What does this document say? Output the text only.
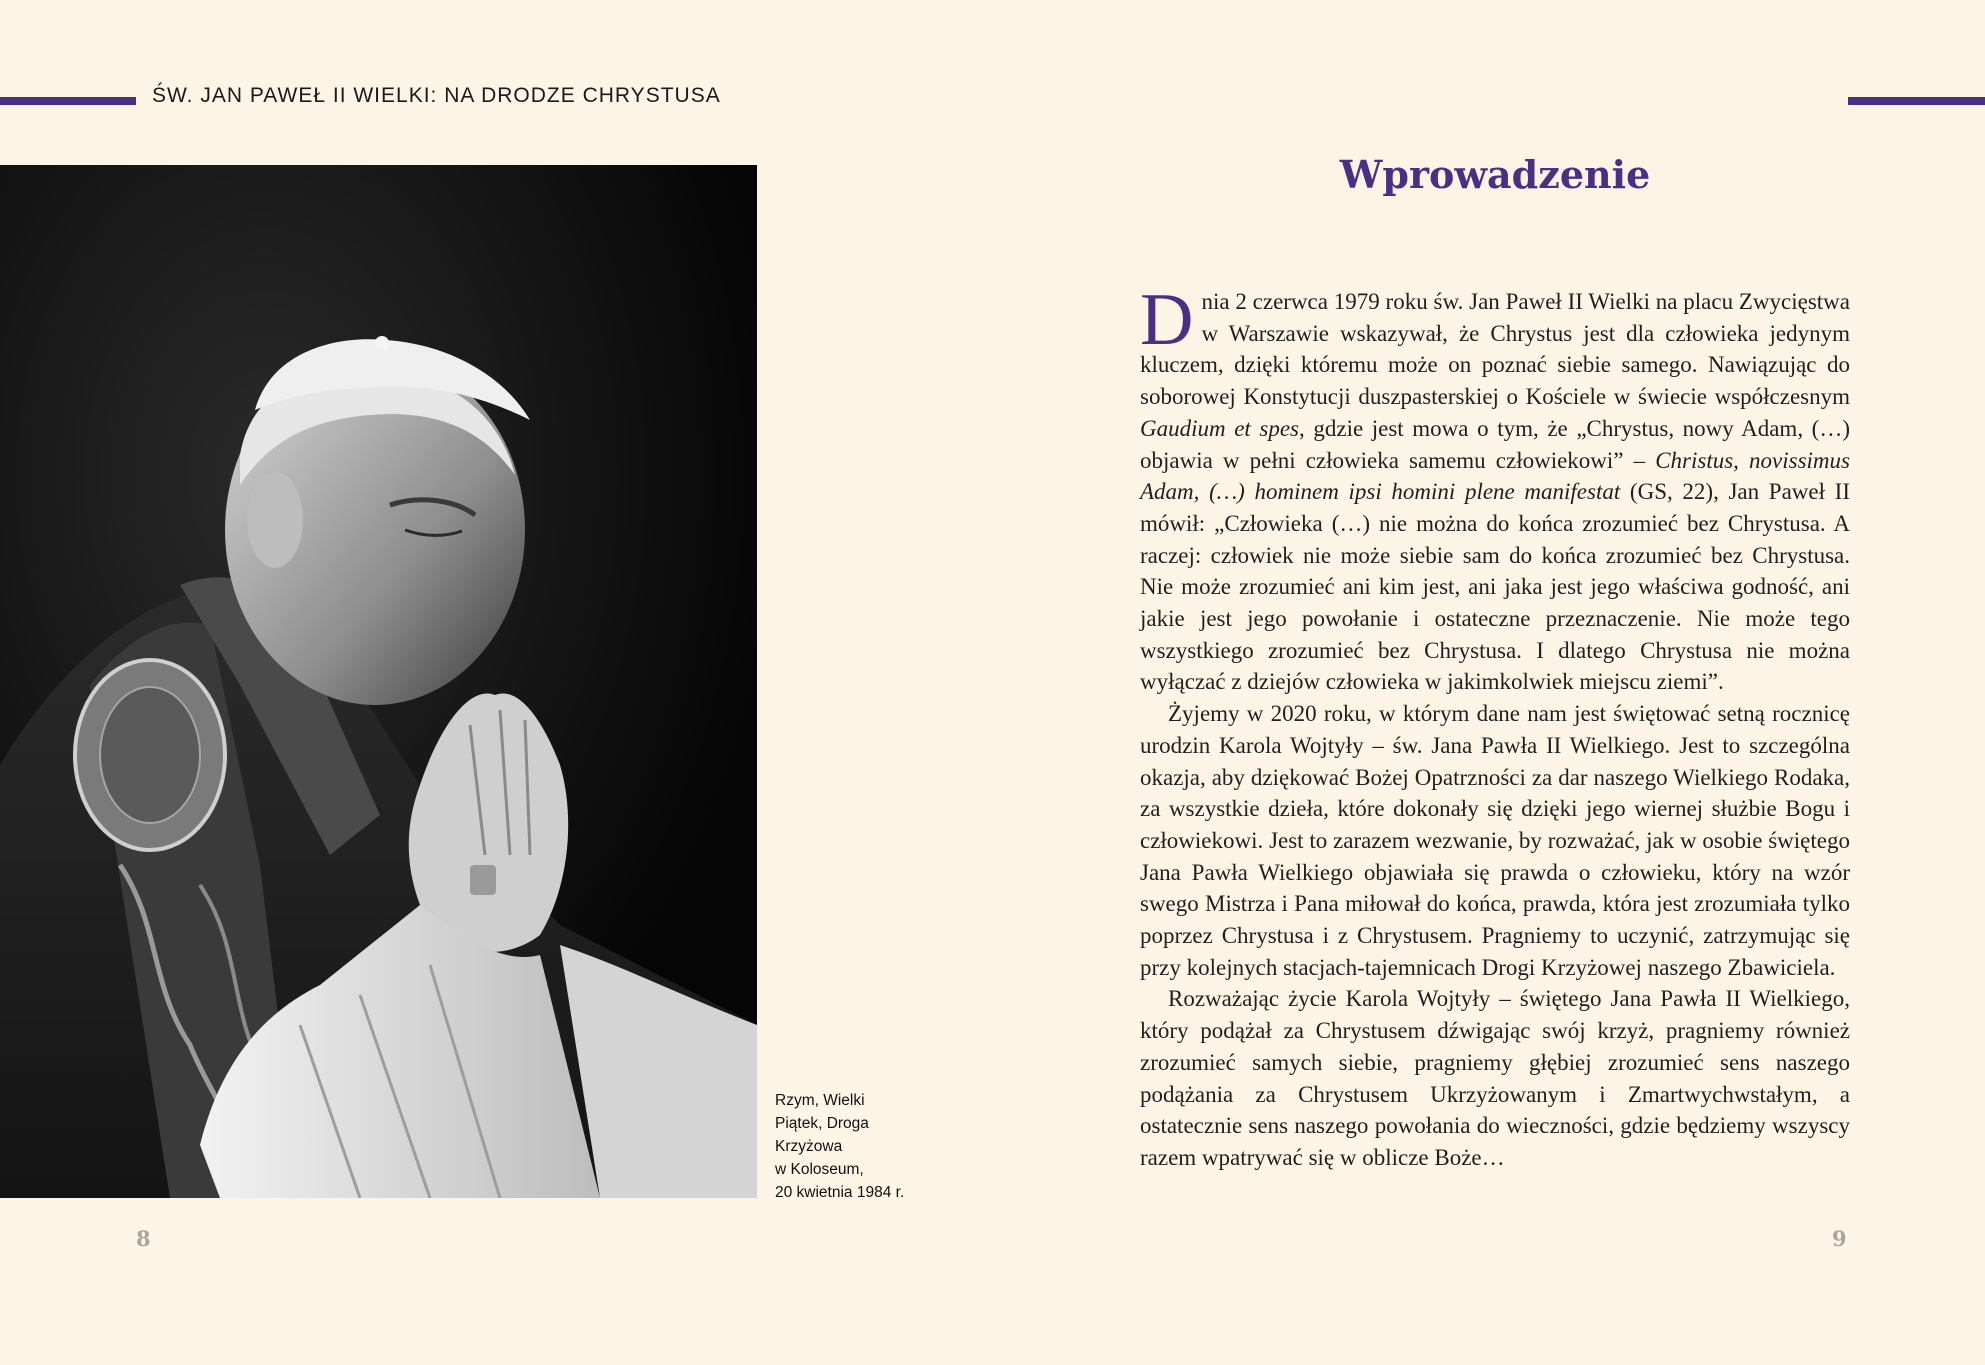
ŚW. JAN PAWEŁ II WIELKI: NA DRODZE CHRYSTUSA
Rzym, Wielki
Piątek, Droga
Krzyżowa
w Koloseum,
20 kwietnia 1984 r.
8
Wprowadzenie

Dnia 2 czerwca 1979 roku św. Jan Paweł II Wielki na placu Zwycięstwa w Warszawie wskazywał, że Chrystus jest dla człowieka jedynym kluczem, dzięki któremu może on poznać siebie samego. Nawiązując do soborowej Konstytucji duszpasterskiej o Kościele w świecie współczesnym Gaudium et spes, gdzie jest mowa o tym, że „Chrystus, nowy Adam, (…) objawia w pełni człowieka samemu człowiekowi” – Christus, novissimus Adam, (…) hominem ipsi homini plene manifestat (GS, 22), Jan Paweł II mówił: „Człowieka (…) nie można do końca zrozumieć bez Chrystusa. A raczej: człowiek nie może siebie sam do końca zrozumieć bez Chrystusa. Nie może zrozumieć ani kim jest, ani jaka jest jego właściwa godność, ani jakie jest jego powołanie i ostateczne przeznaczenie. Nie może tego wszystkiego zrozumieć bez Chrystusa. I dlatego Chrystusa nie można wyłączać z dziejów człowieka w jakimkolwiek miejscu ziemi”.

Żyjemy w 2020 roku, w którym dane nam jest świętować setną rocznicę urodzin Karola Wojtyły – św. Jana Pawła II Wielkiego. Jest to szczególna okazja, aby dziękować Bożej Opatrzności za dar naszego Wielkiego Rodaka, za wszystkie dzieła, które dokonały się dzięki jego wiernej służbie Bogu i człowiekowi. Jest to zarazem wezwanie, by rozważać, jak w osobie świętego Jana Pawła Wielkiego objawiała się prawda o człowieku, który na wzór swego Mistrza i Pana miłował do końca, prawda, która jest zrozumiała tylko poprzez Chrystusa i z Chrystusem. Pragniemy to uczynić, zatrzymując się przy kolejnych stacjach-tajemnicach Drogi Krzyżowej naszego Zbawiciela.

Rozważając życie Karola Wojtyły – świętego Jana Pawła II Wielkiego, który podążał za Chrystusem dźwigając swój krzyż, pragniemy również zrozumieć samych siebie, pragniemy głębiej zrozumieć sens naszego podążania za Chrystusem Ukrzyżowanym i Zmartwychwstałym, a ostatecznie sens naszego powołania do wieczności, gdzie będziemy wszyscy razem wpatrywać się w oblicze Boże…

9
